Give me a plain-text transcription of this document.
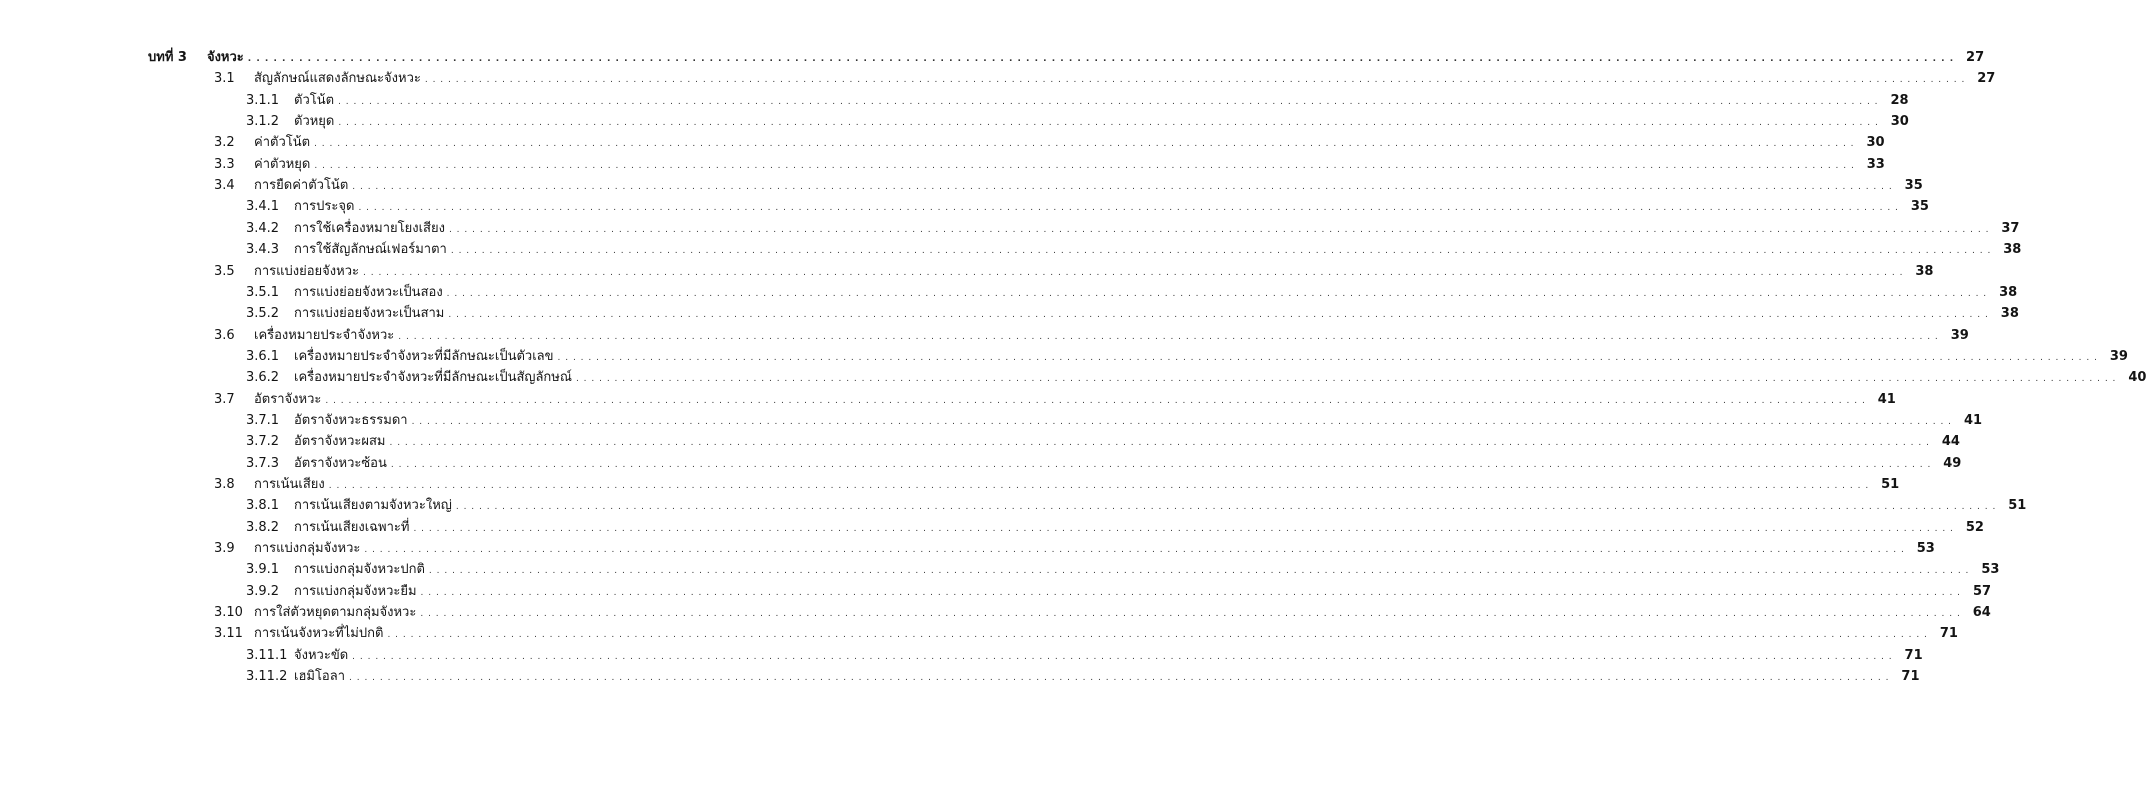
บทที่ 3 จังหวะ . . . . . . . . . . . . . . . . . . . . . . . . . . . . . . . . . . . . . . . . . . . . . . . . . . . . . . . . . . . . . . . . . . . . . . . . . . . . . . . . . . . . . . . . . . . . . . . . . . . . . . . . . . . . . . . . . . . . . . . . . . . . . . . . . . . . . . . . . . . . . . . . . . . . . . . . . . . . . . . . . . . . . . . . . . . . . . . . . . . . . . . . . . . . . . . . . . . . . . . . 27
3.1	สัญลักษณ์แสดงลักษณะจังหวะ . . . . . . . . . . . . . . . . . . . . . . . . . . . . . . . . . . . . . . . . . . . . . . . . . . . . . . . . . . . . . . . . . . . . . . . . . . . . . . . . . . . . . . . . . . . . . . . . . . . . . . . . . . . . . . . . . . . . . . . . . . . . . . . . . . . . . . . . . . . . . . . . . . . . . . . . . . . . . . . . . . . . . . . . . . . . . . . . . . . . . . . . . . . . . . . . . . . . . . . . 27
3.1.1	ตัวโน้ต . . . . . . . . . . . . . . . . . . . . . . . . . . . . . . . . . . . . . . . . . . . . . . . . . . . . . . . . . . . . . . . . . . . . . . . . . . . . . . . . . . . . . . . . . . . . . . . . . . . . . . . . . . . . . . . . . . . . . . . . . . . . . . . . . . . . . . . . . . . . . . . . . . . . . . . . . . . . . . . . . . . . . . . . . . . . . . . . . . . . . . . . . . . . . . . . . . . . . . . . 28
3.1.2	ตัวหยุด . . . . . . . . . . . . . . . . . . . . . . . . . . . . . . . . . . . . . . . . . . . . . . . . . . . . . . . . . . . . . . . . . . . . . . . . . . . . . . . . . . . . . . . . . . . . . . . . . . . . . . . . . . . . . . . . . . . . . . . . . . . . . . . . . . . . . . . . . . . . . . . . . . . . . . . . . . . . . . . . . . . . . . . . . . . . . . . . . . . . . . . . . . . . . . . . . . . . . . . . 30
3.2	ค่าตัวโน้ต . . . . . . . . . . . . . . . . . . . . . . . . . . . . . . . . . . . . . . . . . . . . . . . . . . . . . . . . . . . . . . . . . . . . . . . . . . . . . . . . . . . . . . . . . . . . . . . . . . . . . . . . . . . . . . . . . . . . . . . . . . . . . . . . . . . . . . . . . . . . . . . . . . . . . . . . . . . . . . . . . . . . . . . . . . . . . . . . . . . . . . . . . . . . . . . . . . . . . . . . 30
3.3	ค่าตัวหยุด . . . . . . . . . . . . . . . . . . . . . . . . . . . . . . . . . . . . . . . . . . . . . . . . . . . . . . . . . . . . . . . . . . . . . . . . . . . . . . . . . . . . . . . . . . . . . . . . . . . . . . . . . . . . . . . . . . . . . . . . . . . . . . . . . . . . . . . . . . . . . . . . . . . . . . . . . . . . . . . . . . . . . . . . . . . . . . . . . . . . . . . . . . . . . . . . . . . . . . . . 33
3.4	การยืดค่าตัวโน้ต . . . . . . . . . . . . . . . . . . . . . . . . . . . . . . . . . . . . . . . . . . . . . . . . . . . . . . . . . . . . . . . . . . . . . . . . . . . . . . . . . . . . . . . . . . . . . . . . . . . . . . . . . . . . . . . . . . . . . . . . . . . . . . . . . . . . . . . . . . . . . . . . . . . . . . . . . . . . . . . . . . . . . . . . . . . . . . . . . . . . . . . . . . . . . . . . . . . . . . . . 35
3.4.1	การประจุด . . . . . . . . . . . . . . . . . . . . . . . . . . . . . . . . . . . . . . . . . . . . . . . . . . . . . . . . . . . . . . . . . . . . . . . . . . . . . . . . . . . . . . . . . . . . . . . . . . . . . . . . . . . . . . . . . . . . . . . . . . . . . . . . . . . . . . . . . . . . . . . . . . . . . . . . . . . . . . . . . . . . . . . . . . . . . . . . . . . . . . . . . . . . . . . . . . . . . . . . 35
3.4.2	การใช้เครื่องหมายโยงเสียง . . . . . . . . . . . . . . . . . . . . . . . . . . . . . . . . . . . . . . . . . . . . . . . . . . . . . . . . . . . . . . . . . . . . . . . . . . . . . . . . . . . . . . . . . . . . . . . . . . . . . . . . . . . . . . . . . . . . . . . . . . . . . . . . . . . . . . . . . . . . . . . . . . . . . . . . . . . . . . . . . . . . . . . . . . . . . . . . . . . . . . . . . . . . . . . . . . . . . . . . 37
3.4.3	การใช้สัญลักษณ์เฟอร์มาตา . . . . . . . . . . . . . . . . . . . . . . . . . . . . . . . . . . . . . . . . . . . . . . . . . . . . . . . . . . . . . . . . . . . . . . . . . . . . . . . . . . . . . . . . . . . . . . . . . . . . . . . . . . . . . . . . . . . . . . . . . . . . . . . . . . . . . . . . . . . . . . . . . . . . . . . . . . . . . . . . . . . . . . . . . . . . . . . . . . . . . . . . . . . . . . . . . . . . . . . . 38
3.5	การแบ่งย่อยจังหวะ . . . . . . . . . . . . . . . . . . . . . . . . . . . . . . . . . . . . . . . . . . . . . . . . . . . . . . . . . . . . . . . . . . . . . . . . . . . . . . . . . . . . . . . . . . . . . . . . . . . . . . . . . . . . . . . . . . . . . . . . . . . . . . . . . . . . . . . . . . . . . . . . . . . . . . . . . . . . . . . . . . . . . . . . . . . . . . . . . . . . . . . . . . . . . . . . . . . . . . . . 38
3.5.1	การแบ่งย่อยจังหวะเป็นสอง . . . . . . . . . . . . . . . . . . . . . . . . . . . . . . . . . . . . . . . . . . . . . . . . . . . . . . . . . . . . . . . . . . . . . . . . . . . . . . . . . . . . . . . . . . . . . . . . . . . . . . . . . . . . . . . . . . . . . . . . . . . . . . . . . . . . . . . . . . . . . . . . . . . . . . . . . . . . . . . . . . . . . . . . . . . . . . . . . . . . . . . . . . . . . . . . . . . . . . . . 38
3.5.2	การแบ่งย่อยจังหวะเป็นสาม . . . . . . . . . . . . . . . . . . . . . . . . . . . . . . . . . . . . . . . . . . . . . . . . . . . . . . . . . . . . . . . . . . . . . . . . . . . . . . . . . . . . . . . . . . . . . . . . . . . . . . . . . . . . . . . . . . . . . . . . . . . . . . . . . . . . . . . . . . . . . . . . . . . . . . . . . . . . . . . . . . . . . . . . . . . . . . . . . . . . . . . . . . . . . . . . . . . . . . . . 38
3.6	เครื่องหมายประจำจังหวะ . . . . . . . . . . . . . . . . . . . . . . . . . . . . . . . . . . . . . . . . . . . . . . . . . . . . . . . . . . . . . . . . . . . . . . . . . . . . . . . . . . . . . . . . . . . . . . . . . . . . . . . . . . . . . . . . . . . . . . . . . . . . . . . . . . . . . . . . . . . . . . . . . . . . . . . . . . . . . . . . . . . . . . . . . . . . . . . . . . . . . . . . . . . . . . . . . . . . . . . . 39
3.6.1	เครื่องหมายประจำจังหวะที่มีลักษณะเป็นตัวเลข . . . . . . . . . . . . . . . . . . . . . . . . . . . . . . . . . . . . . . . . . . . . . . . . . . . . . . . . . . . . . . . . . . . . . . . . . . . . . . . . . . . . . . . . . . . . . . . . . . . . . . . . . . . . . . . . . . . . . . . . . . . . . . . . . . . . . . . . . . . . . . . . . . . . . . . . . . . . . . . . . . . . . . . . . . . . . . . . . . . . . . . . . . . . . . . . . . . . . . . . 39
3.6.2	เครื่องหมายประจำจังหวะที่มีลักษณะเป็นสัญลักษณ์ . . . . . . . . . . . . . . . . . . . . . . . . . . . . . . . . . . . . . . . . . . . . . . . . . . . . . . . . . . . . . . . . . . . . . . . . . . . . . . . . . . . . . . . . . . . . . . . . . . . . . . . . . . . . . . . . . . . . . . . . . . . . . . . . . . . . . . . . . . . . . . . . . . . . . . . . . . . . . . . . . . . . . . . . . . . . . . . . . . . . . . . . . . . . . . . . . . . . . . . . 40
3.7	อัตราจังหวะ . . . . . . . . . . . . . . . . . . . . . . . . . . . . . . . . . . . . . . . . . . . . . . . . . . . . . . . . . . . . . . . . . . . . . . . . . . . . . . . . . . . . . . . . . . . . . . . . . . . . . . . . . . . . . . . . . . . . . . . . . . . . . . . . . . . . . . . . . . . . . . . . . . . . . . . . . . . . . . . . . . . . . . . . . . . . . . . . . . . . . . . . . . . . . . . . . . . . . . . . 41
3.7.1	อัตราจังหวะธรรมดา . . . . . . . . . . . . . . . . . . . . . . . . . . . . . . . . . . . . . . . . . . . . . . . . . . . . . . . . . . . . . . . . . . . . . . . . . . . . . . . . . . . . . . . . . . . . . . . . . . . . . . . . . . . . . . . . . . . . . . . . . . . . . . . . . . . . . . . . . . . . . . . . . . . . . . . . . . . . . . . . . . . . . . . . . . . . . . . . . . . . . . . . . . . . . . . . . . . . . . . . 41
3.7.2	อัตราจังหวะผสม . . . . . . . . . . . . . . . . . . . . . . . . . . . . . . . . . . . . . . . . . . . . . . . . . . . . . . . . . . . . . . . . . . . . . . . . . . . . . . . . . . . . . . . . . . . . . . . . . . . . . . . . . . . . . . . . . . . . . . . . . . . . . . . . . . . . . . . . . . . . . . . . . . . . . . . . . . . . . . . . . . . . . . . . . . . . . . . . . . . . . . . . . . . . . . . . . . . . . . . . 44
3.7.3	อัตราจังหวะซ้อน . . . . . . . . . . . . . . . . . . . . . . . . . . . . . . . . . . . . . . . . . . . . . . . . . . . . . . . . . . . . . . . . . . . . . . . . . . . . . . . . . . . . . . . . . . . . . . . . . . . . . . . . . . . . . . . . . . . . . . . . . . . . . . . . . . . . . . . . . . . . . . . . . . . . . . . . . . . . . . . . . . . . . . . . . . . . . . . . . . . . . . . . . . . . . . . . . . . . . . . . 49
3.8	การเน้นเสียง . . . . . . . . . . . . . . . . . . . . . . . . . . . . . . . . . . . . . . . . . . . . . . . . . . . . . . . . . . . . . . . . . . . . . . . . . . . . . . . . . . . . . . . . . . . . . . . . . . . . . . . . . . . . . . . . . . . . . . . . . . . . . . . . . . . . . . . . . . . . . . . . . . . . . . . . . . . . . . . . . . . . . . . . . . . . . . . . . . . . . . . . . . . . . . . . . . . . . . . . 51
3.8.1	การเน้นเสียงตามจังหวะใหญ่ . . . . . . . . . . . . . . . . . . . . . . . . . . . . . . . . . . . . . . . . . . . . . . . . . . . . . . . . . . . . . . . . . . . . . . . . . . . . . . . . . . . . . . . . . . . . . . . . . . . . . . . . . . . . . . . . . . . . . . . . . . . . . . . . . . . . . . . . . . . . . . . . . . . . . . . . . . . . . . . . . . . . . . . . . . . . . . . . . . . . . . . . . . . . . . . . . . . . . . . . 51
3.8.2	การเน้นเสียงเฉพาะที่ . . . . . . . . . . . . . . . . . . . . . . . . . . . . . . . . . . . . . . . . . . . . . . . . . . . . . . . . . . . . . . . . . . . . . . . . . . . . . . . . . . . . . . . . . . . . . . . . . . . . . . . . . . . . . . . . . . . . . . . . . . . . . . . . . . . . . . . . . . . . . . . . . . . . . . . . . . . . . . . . . . . . . . . . . . . . . . . . . . . . . . . . . . . . . . . . . . . . . . . . 52
3.9	การแบ่งกลุ่มจังหวะ . . . . . . . . . . . . . . . . . . . . . . . . . . . . . . . . . . . . . . . . . . . . . . . . . . . . . . . . . . . . . . . . . . . . . . . . . . . . . . . . . . . . . . . . . . . . . . . . . . . . . . . . . . . . . . . . . . . . . . . . . . . . . . . . . . . . . . . . . . . . . . . . . . . . . . . . . . . . . . . . . . . . . . . . . . . . . . . . . . . . . . . . . . . . . . . . . . . . . . . . 53
3.9.1	การแบ่งกลุ่มจังหวะปกติ . . . . . . . . . . . . . . . . . . . . . . . . . . . . . . . . . . . . . . . . . . . . . . . . . . . . . . . . . . . . . . . . . . . . . . . . . . . . . . . . . . . . . . . . . . . . . . . . . . . . . . . . . . . . . . . . . . . . . . . . . . . . . . . . . . . . . . . . . . . . . . . . . . . . . . . . . . . . . . . . . . . . . . . . . . . . . . . . . . . . . . . . . . . . . . . . . . . . . . . . 53
3.9.2	การแบ่งกลุ่มจังหวะยืม . . . . . . . . . . . . . . . . . . . . . . . . . . . . . . . . . . . . . . . . . . . . . . . . . . . . . . . . . . . . . . . . . . . . . . . . . . . . . . . . . . . . . . . . . . . . . . . . . . . . . . . . . . . . . . . . . . . . . . . . . . . . . . . . . . . . . . . . . . . . . . . . . . . . . . . . . . . . . . . . . . . . . . . . . . . . . . . . . . . . . . . . . . . . . . . . . . . . . . . . 57
3.10 การใส่ตัวหยุดตามกลุ่มจังหวะ . . . . . . . . . . . . . . . . . . . . . . . . . . . . . . . . . . . . . . . . . . . . . . . . . . . . . . . . . . . . . . . . . . . . . . . . . . . . . . . . . . . . . . . . . . . . . . . . . . . . . . . . . . . . . . . . . . . . . . . . . . . . . . . . . . . . . . . . . . . . . . . . . . . . . . . . . . . . . . . . . . . . . . . . . . . . . . . . . . . . . . . . . . . . . . . . . . . . . . . . 64
3.11 การเน้นจังหวะที่ไม่ปกติ . . . . . . . . . . . . . . . . . . . . . . . . . . . . . . . . . . . . . . . . . . . . . . . . . . . . . . . . . . . . . . . . . . . . . . . . . . . . . . . . . . . . . . . . . . . . . . . . . . . . . . . . . . . . . . . . . . . . . . . . . . . . . . . . . . . . . . . . . . . . . . . . . . . . . . . . . . . . . . . . . . . . . . . . . . . . . . . . . . . . . . . . . . . . . . . . . . . . . . . . 71
3.11.1 จังหวะขัด . . . . . . . . . . . . . . . . . . . . . . . . . . . . . . . . . . . . . . . . . . . . . . . . . . . . . . . . . . . . . . . . . . . . . . . . . . . . . . . . . . . . . . . . . . . . . . . . . . . . . . . . . . . . . . . . . . . . . . . . . . . . . . . . . . . . . . . . . . . . . . . . . . . . . . . . . . . . . . . . . . . . . . . . . . . . . . . . . . . . . . . . . . . . . . . . . . . . . . . . 71
3.11.2 เฮมิโอลา . . . . . . . . . . . . . . . . . . . . . . . . . . . . . . . . . . . . . . . . . . . . . . . . . . . . . . . . . . . . . . . . . . . . . . . . . . . . . . . . . . . . . . . . . . . . . . . . . . . . . . . . . . . . . . . . . . . . . . . . . . . . . . . . . . . . . . . . . . . . . . . . . . . . . . . . . . . . . . . . . . . . . . . . . . . . . . . . . . . . . . . . . . . . . . . . . . . . . . . . 71
